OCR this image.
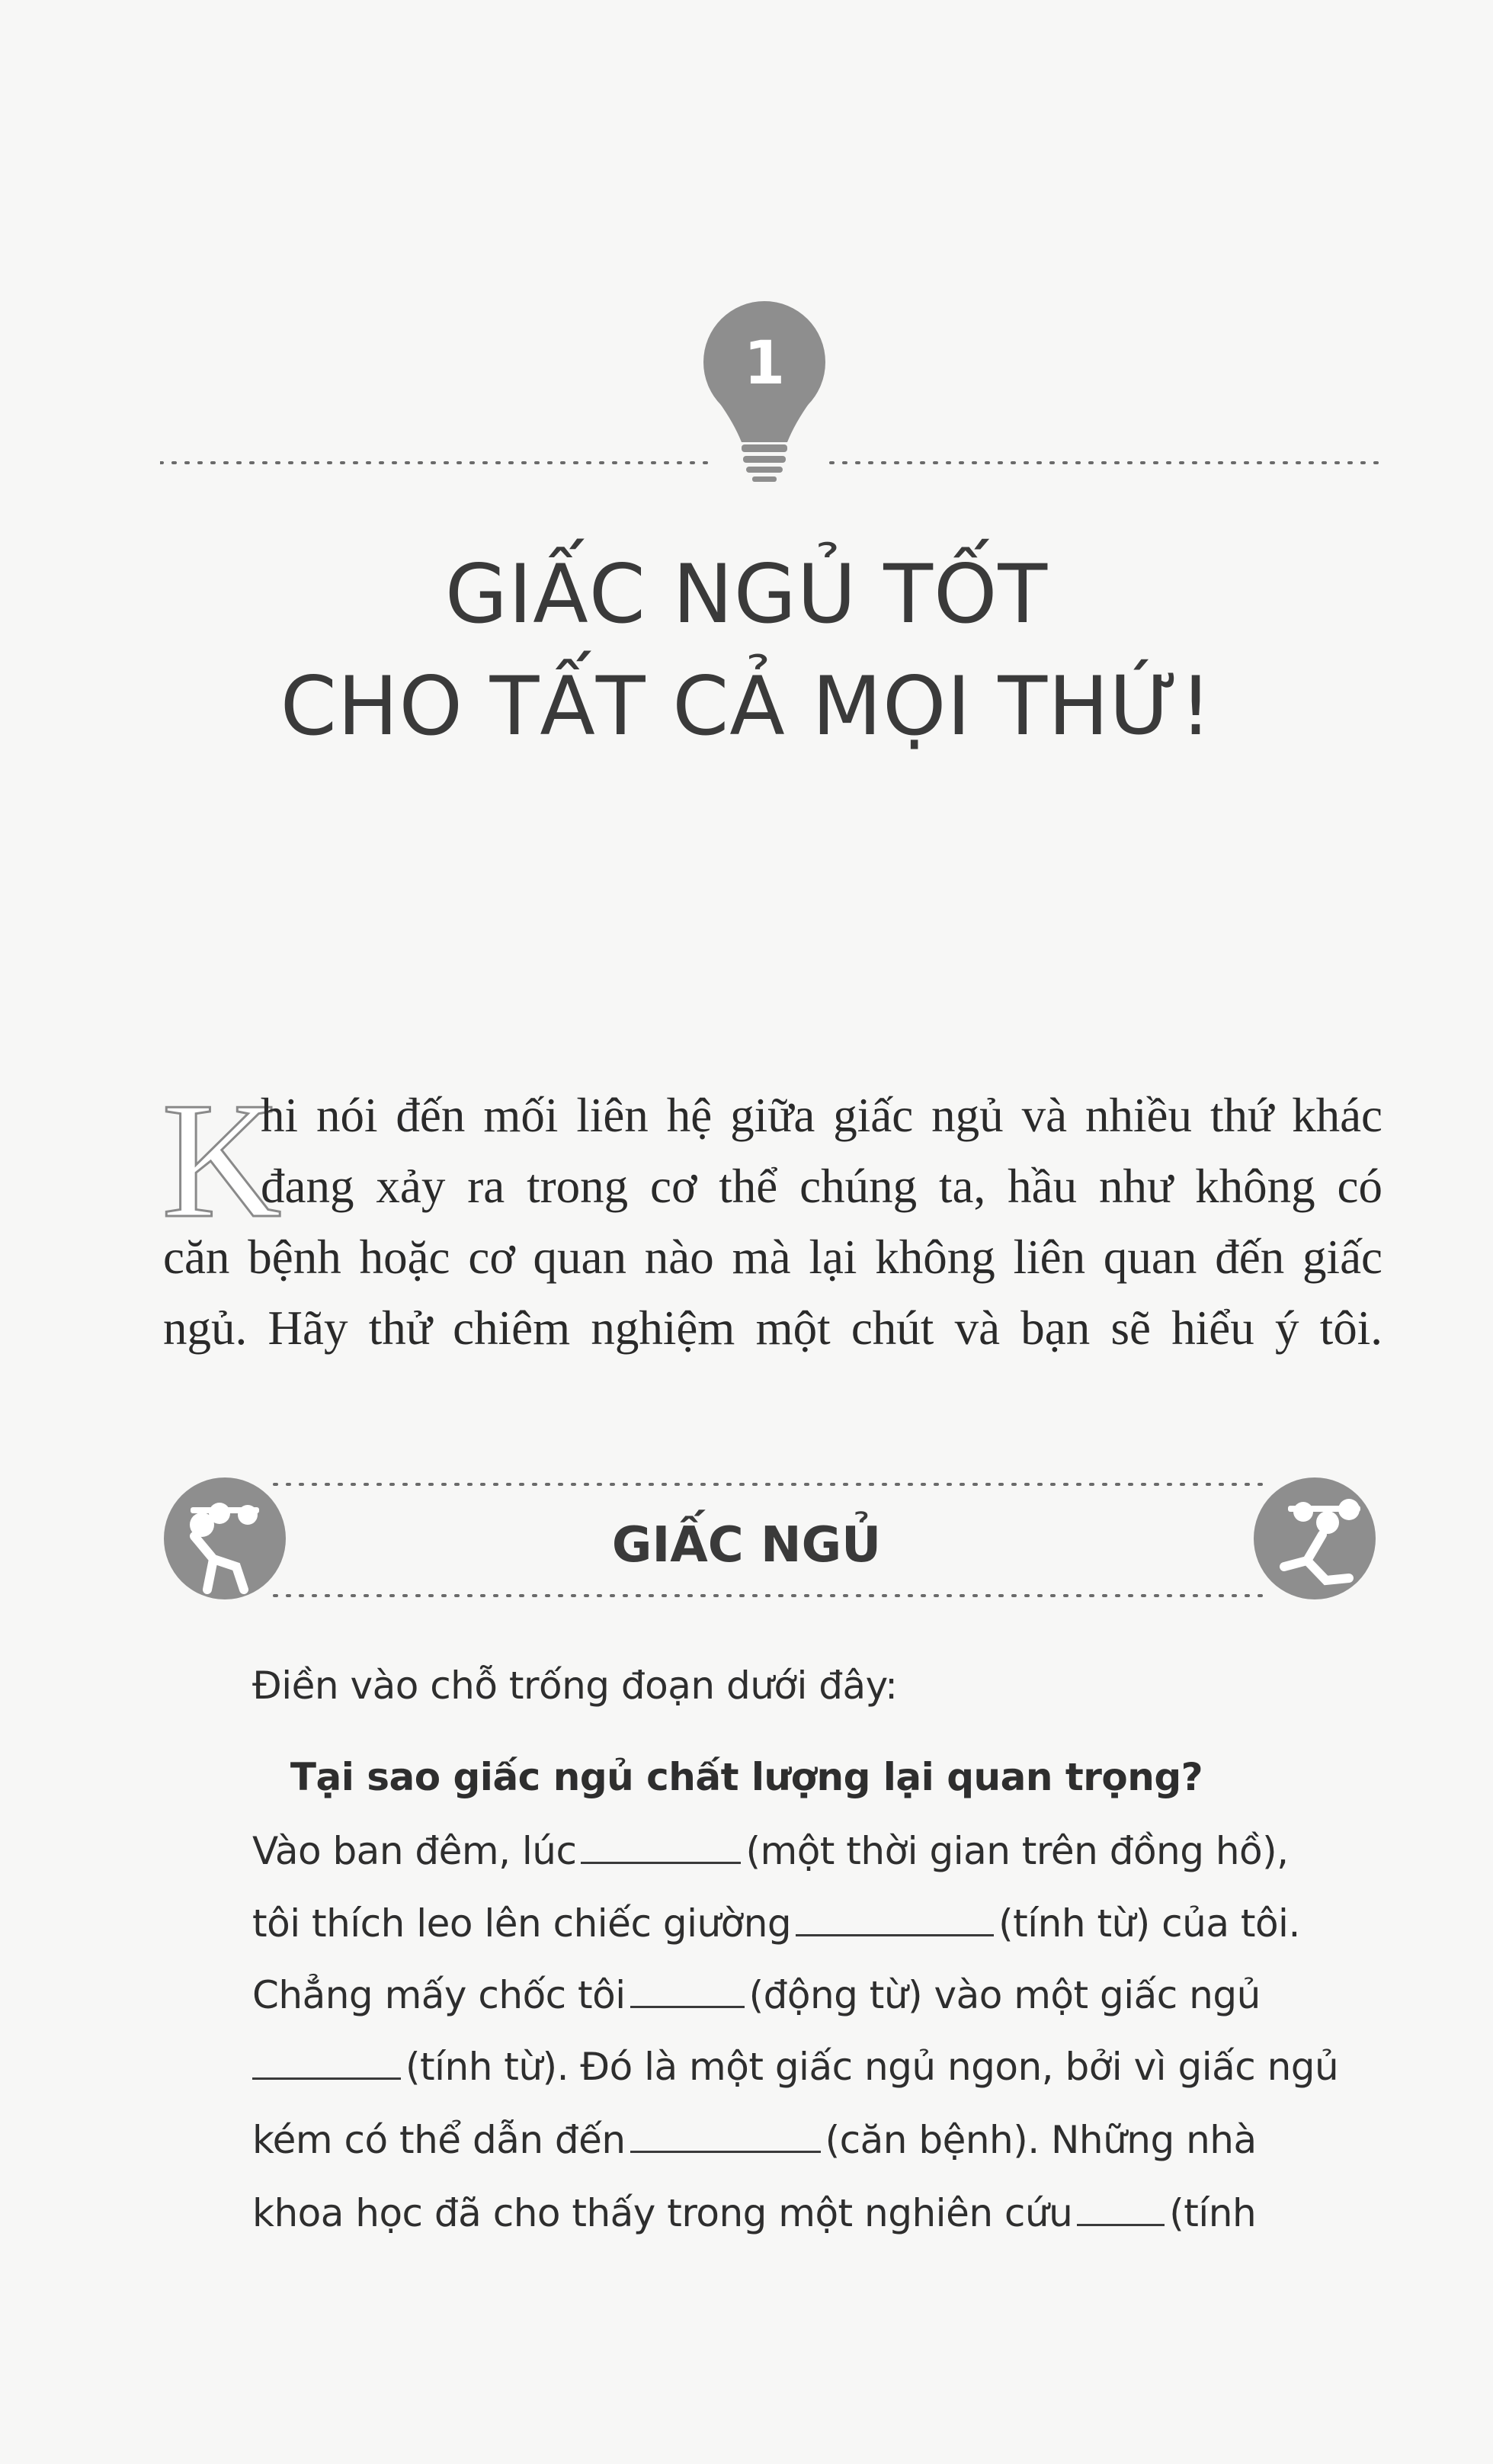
1
GIẤC NGỦ TỐT
CHO TẤT CẢ MỌI THỨ!
K
hi nói đến mối liên hệ giữa giấc ngủ và nhiều thứ khác
đang xảy ra trong cơ thể chúng ta, hầu như không có
căn bệnh hoặc cơ quan nào mà lại không liên quan đến giấc
ngủ. Hãy thử chiêm nghiệm một chút và bạn sẽ hiểu ý tôi.
GIẤC NGỦ
Điền vào chỗ trống đoạn dưới đây:
Tại sao giấc ngủ chất lượng lại quan trọng?
Vào ban đêm, lúc	(một thời gian trên đồng hồ),
tôi thích leo lên chiếc giường	(tính từ) của tôi.
Chẳng mấy chốc tôi	(động từ) vào một giấc ngủ
(tính từ). Đó là một giấc ngủ ngon, bởi vì giấc ngủ
kém có thể dẫn đến	(căn bệnh). Những nhà
khoa học đã cho thấy trong một nghiên cứu	(tính
